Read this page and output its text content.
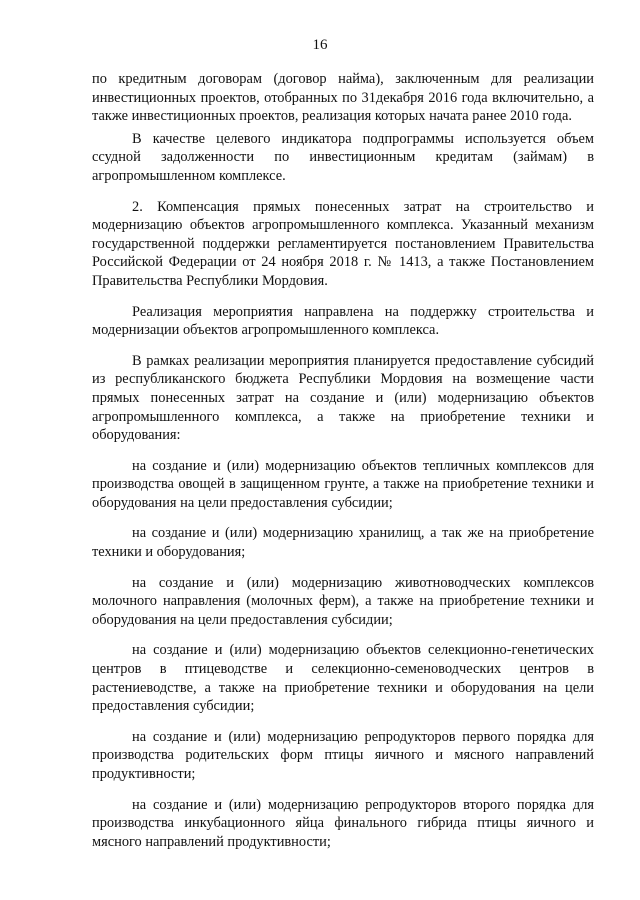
16

по кредитным договорам (договор найма), заключенным для реализации инвестиционных проектов, отобранных по 31декабря 2016 года включительно, а также инвестиционных проектов, реализация которых начата ранее 2010 года.

В качестве целевого индикатора подпрограммы используется объем ссудной задолженности по инвестиционным кредитам (займам) в агропромышленном комплексе.

2. Компенсация прямых понесенных затрат на строительство и модернизацию объектов агропромышленного комплекса. Указанный механизм государственной поддержки регламентируется постановлением Правительства Российской Федерации от 24 ноября 2018 г. № 1413, а также Постановлением Правительства Республики Мордовия.

Реализация мероприятия направлена на поддержку строительства и модернизации объектов агропромышленного комплекса.

В рамках реализации мероприятия планируется предоставление субсидий из республиканского бюджета Республики Мордовия на возмещение части прямых понесенных затрат на создание и (или) модернизацию объектов агропромышленного комплекса, а также на приобретение техники и оборудования:

на создание и (или) модернизацию объектов тепличных комплексов для производства овощей в защищенном грунте, а также на приобретение техники и оборудования на цели предоставления субсидии;

на создание и (или) модернизацию хранилищ, а так же на приобретение техники и оборудования;

на создание и (или) модернизацию животноводческих комплексов молочного направления (молочных ферм), а также на приобретение техники и оборудования на цели предоставления субсидии;

на создание и (или) модернизацию объектов селекционно-генетических центров в птицеводстве и селекционно-семеноводческих центров в растениеводстве, а также на приобретение техники и оборудования на цели предоставления субсидии;

на создание и (или) модернизацию репродукторов первого порядка для производства родительских форм птицы яичного и мясного направлений продуктивности;

на создание и (или) модернизацию репродукторов второго порядка для производства инкубационного яйца финального гибрида птицы яичного и мясного направлений продуктивности;
